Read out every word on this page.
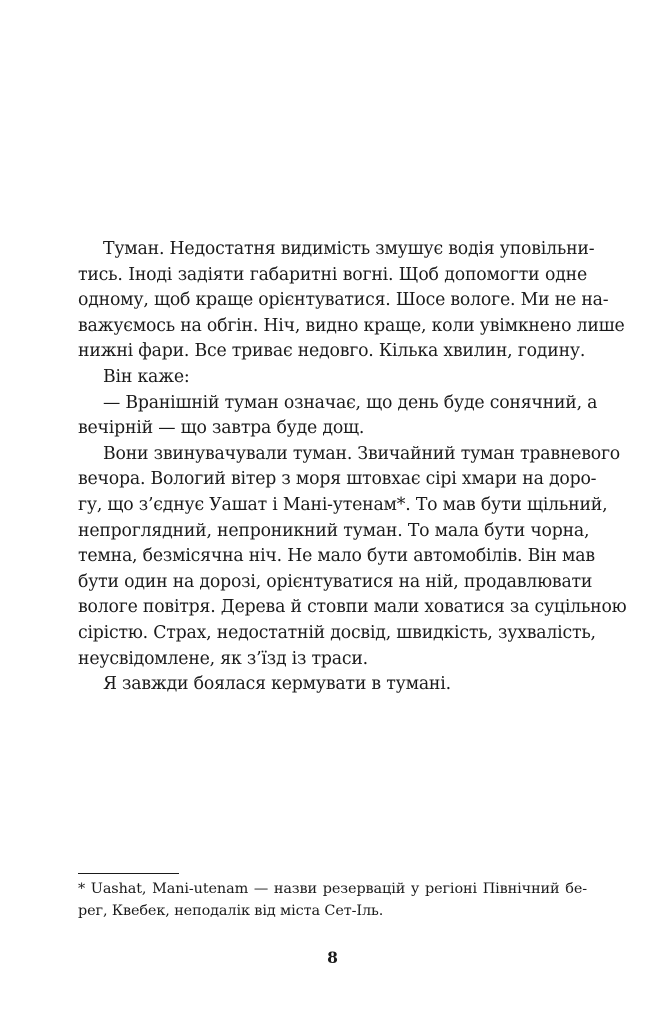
Туман. Недостатня видимість змушує водія уповільни-
тись. Іноді задіяти габаритні вогні. Щоб допомогти одне
одному, щоб краще орієнтуватися. Шосе вологе. Ми не на-
важуємось на обгін. Ніч, видно краще, коли увімкнено лише
нижні фари. Все триває недовго. Кілька хвилин, годину.
Він каже:
— Вранішній туман означає, що день буде сонячний, а
вечірній — що завтра буде дощ.
Вони звинувачували туман. Звичайний туман травневого
вечора. Вологий вітер з моря штовхає сірі хмари на доро-
гу, що з’єднує Уашат і Мані-утенам*. То мав бути щільний,
непроглядний, непроникний туман. То мала бути чорна,
темна, безмісячна ніч. Не мало бути автомобілів. Він мав
бути один на дорозі, орієнтуватися на ній, продавлювати
вологе повітря. Дерева й стовпи мали ховатися за суцільною
сірістю. Страх, недостатній досвід, швидкість, зухвалість,
неусвідомлене, як з’їзд із траси.
Я завжди боялася кермувати в тумані.
* Uashat, Mani-utenam — назви резервацій у регіоні Північний бе-
рег, Квебек, неподалік від міста Сет-Іль.
8
